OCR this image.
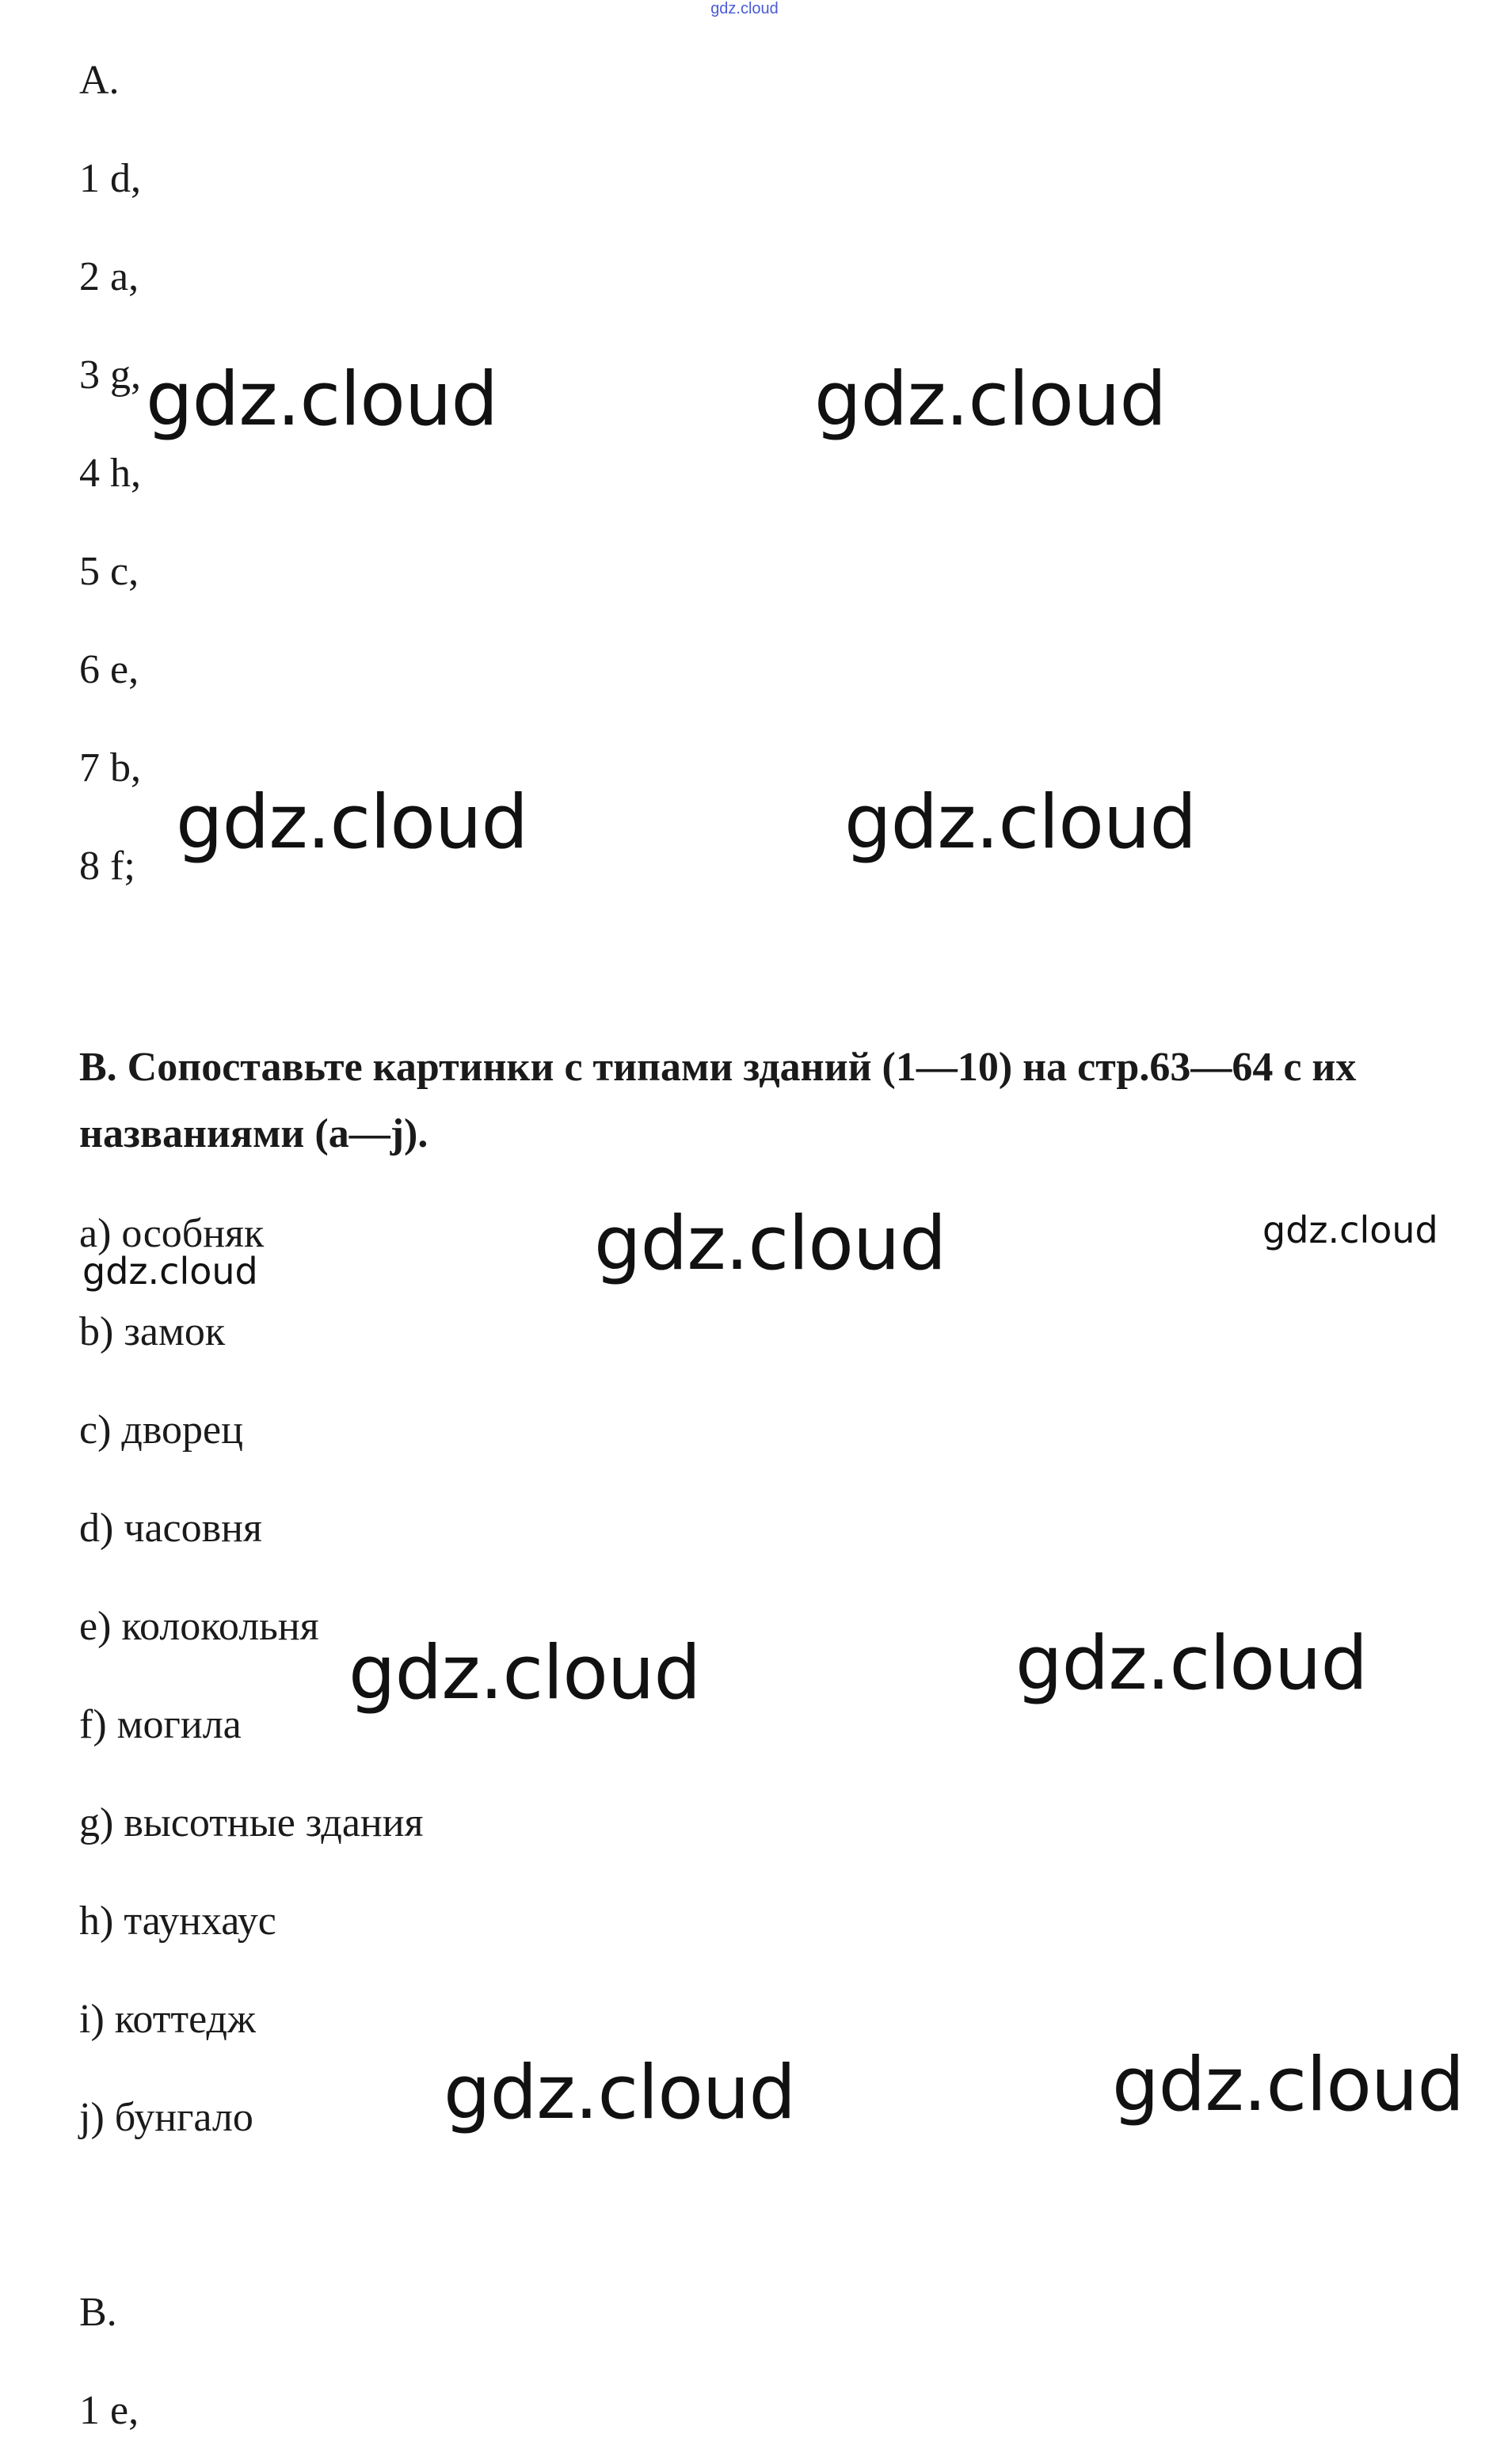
gdz.cloud
A.
1 d,
2 a,
3 g,
4 h,
5 c,
6 e,
7 b,
8 f;
B. Сопоставьте картинки с типами зданий (1—10) на стр.63—64 с их названиями (a—j).
a) особняк
b) замок
c) дворец
d) часовня
e) колокольня
f) могила
g) высотные здания
h) таунхаус
i) коттедж
j) бунгало
B.
1 e,
gdz.cloud	gdz.cloud
gdz.cloud	gdz.cloud
gdz.cloud	gdz.cloud
gdz.cloud
gdz.cloud	gdz.cloud
gdz.cloud	gdz.cloud
